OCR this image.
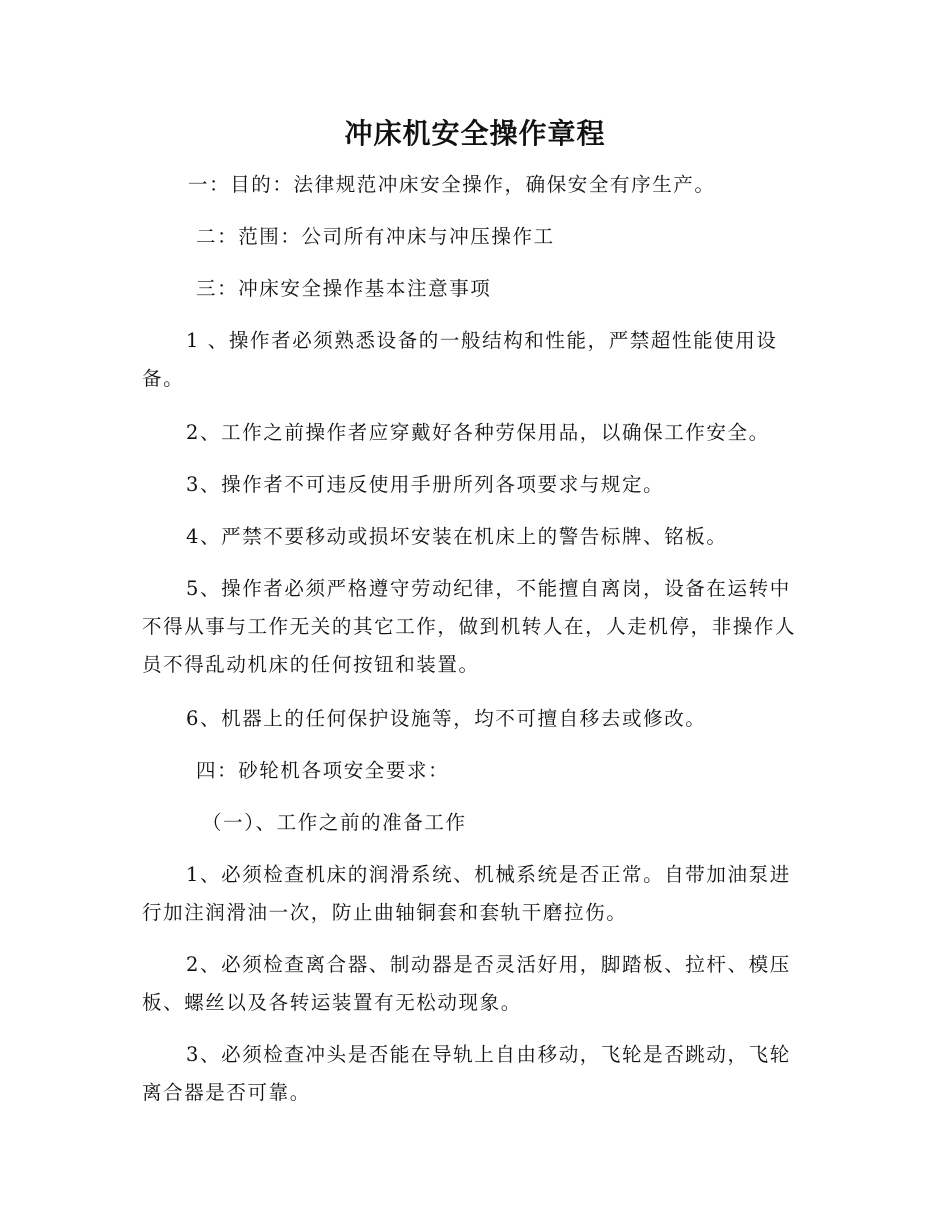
冲床机安全操作章程
一：目的：法律规范冲床安全操作，确保安全有序生产。
二：范围：公司所有冲床与冲压操作工
三：冲床安全操作基本注意事项
1 、操作者必须熟悉设备的一般结构和性能，严禁超性能使用设备。
2、工作之前操作者应穿戴好各种劳保用品，以确保工作安全。
3、操作者不可违反使用手册所列各项要求与规定。
4、严禁不要移动或损坏安装在机床上的警告标牌、铭板。
5、操作者必须严格遵守劳动纪律，不能擅自离岗，设备在运转中不得从事与工作无关的其它工作，做到机转人在，人走机停，非操作人员不得乱动机床的任何按钮和装置。
6、机器上的任何保护设施等，均不可擅自移去或修改。
四：砂轮机各项安全要求：
（一）、工作之前的准备工作
1、必须检查机床的润滑系统、机械系统是否正常。自带加油泵进行加注润滑油一次，防止曲轴铜套和套轨干磨拉伤。
2、必须检查离合器、制动器是否灵活好用，脚踏板、拉杆、模压板、螺丝以及各转运装置有无松动现象。
3、必须检查冲头是否能在导轨上自由移动，飞轮是否跳动，飞轮离合器是否可靠。
